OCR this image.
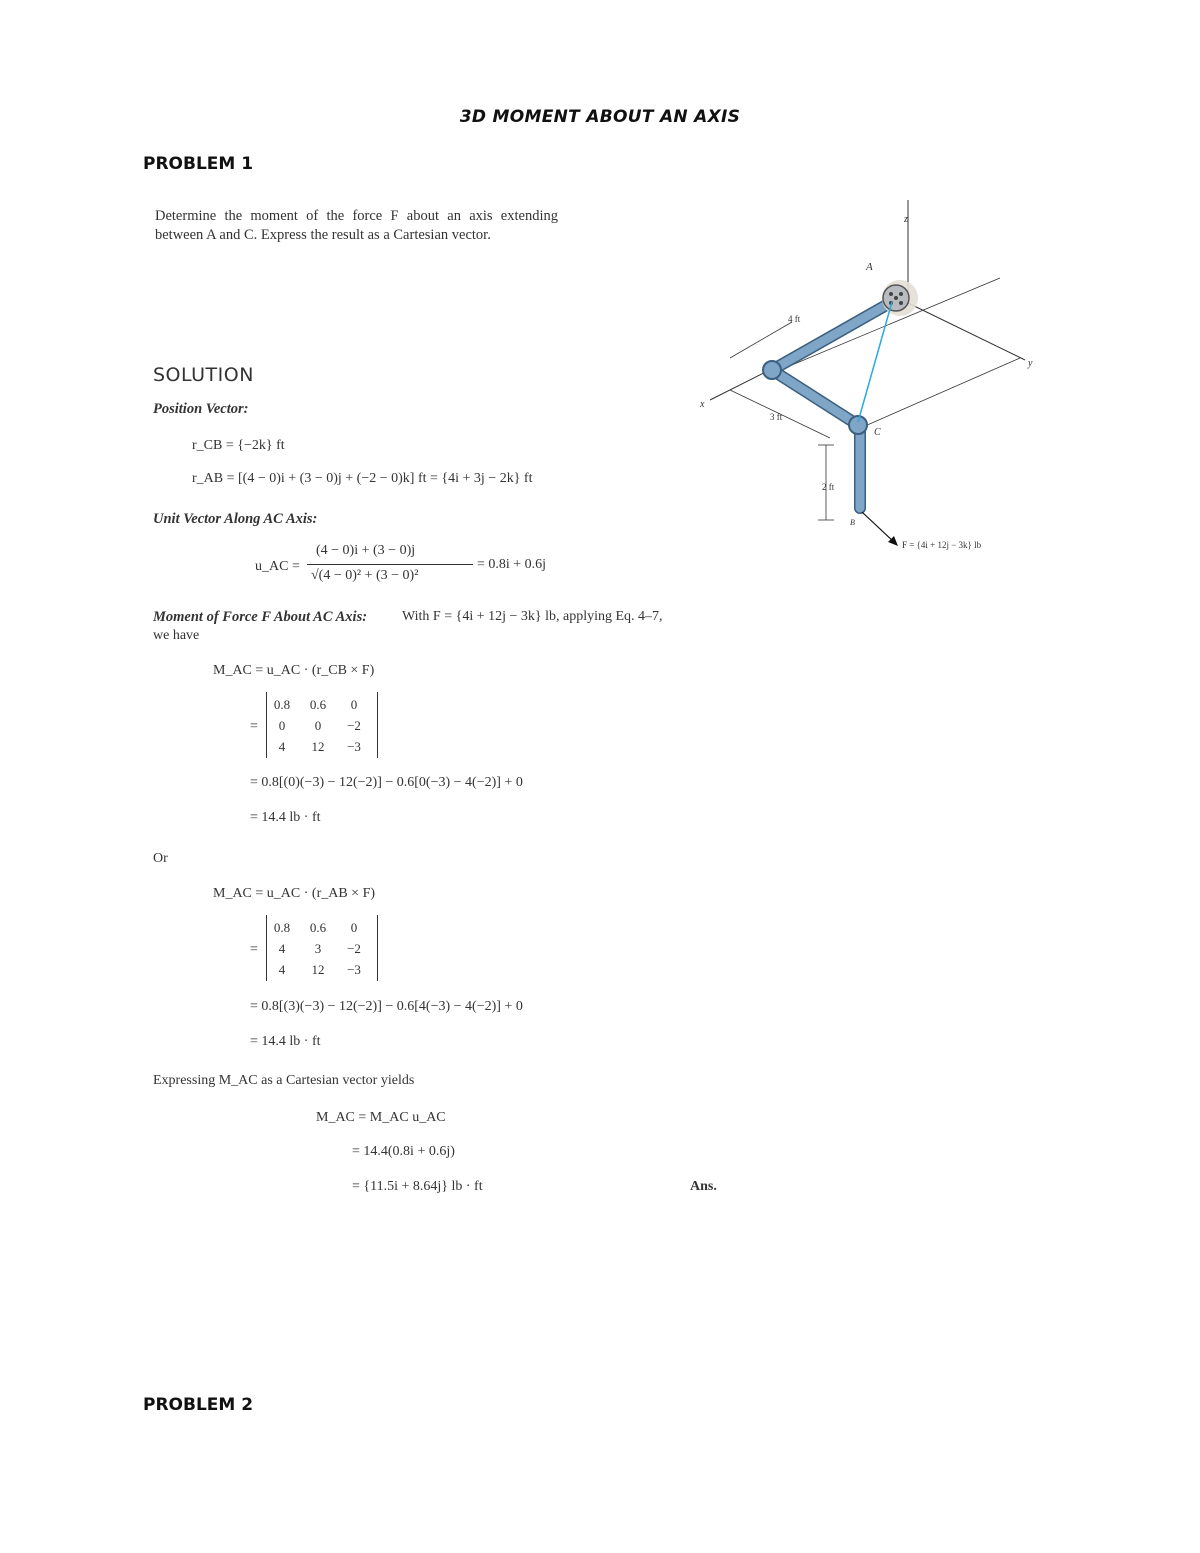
3D MOMENT ABOUT AN AXIS
PROBLEM 1
Determine the moment of the force F about an axis extending between A and C. Express the result as a Cartesian vector.
SOLUTION
Position Vector:
r_CB = {−2k} ft
r_AB = [(4 − 0)i + (3 − 0)j + (−2 − 0)k] ft = {4i + 3j − 2k} ft
Unit Vector Along AC Axis:
u_AC =
(4 − 0)i + (3 − 0)j
√(4 − 0)² + (3 − 0)²
= 0.8i + 0.6j
Moment of Force F About AC Axis: With F = {4i + 12j − 3k} lb, applying Eq. 4–7,
we have
M_AC = u_AC · (r_CB × F)
=
0.8	0.6	0
0	0	−2
4	12	−3
= 0.8[(0)(−3) − 12(−2)] − 0.6[0(−3) − 4(−2)] + 0
= 14.4 lb · ft
Or
M_AC = u_AC · (r_AB × F)
=
0.8	0.6	0
4	3	−2
4	12	−3
= 0.8[(3)(−3) − 12(−2)] − 0.6[4(−3) − 4(−2)] + 0
= 14.4 lb · ft
Expressing M_AC as a Cartesian vector yields
M_AC = M_AC u_AC
= 14.4(0.8i + 0.6j)
= {11.5i + 8.64j} lb · ft	Ans.
z
y
x
4 ft
3 ft
2 ft
A
C
B
F = {4i + 12j − 3k} lb
PROBLEM 2
